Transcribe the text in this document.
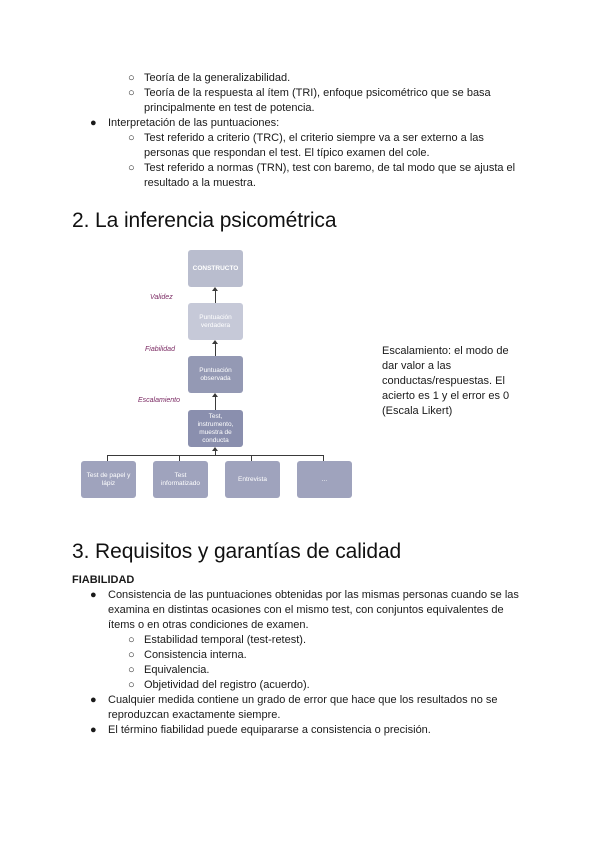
○ Teoría de la generalizabilidad.
○ Teoría de la respuesta al ítem (TRI), enfoque psicométrico que se basa
principalmente en test de potencia.
● Interpretación de las puntuaciones:
○ Test referido a criterio (TRC), el criterio siempre va a ser externo a las
personas que respondan el test. El típico examen del cole.
○ Test referido a normas (TRN), test con baremo, de tal modo que se ajusta el
resultado a la muestra.
2. La inferencia psicométrica
CONSTRUCTO
Puntuación verdadera
Puntuación observada
Test, instrumento, muestra de conducta
Validez
Fiabilidad
Escalamiento
Test de papel y lápiz
Test informatizado
Entrevista	...
Escalamiento: el modo de
dar valor a las
conductas/respuestas. El
acierto es 1 y el error es 0
(Escala Likert)
3. Requisitos y garantías de calidad
FIABILIDAD
● Consistencia de las puntuaciones obtenidas por las mismas personas cuando se las
examina en distintas ocasiones con el mismo test, con conjuntos equivalentes de
ítems o en otras condiciones de examen.
○ Estabilidad temporal (test-retest).
○ Consistencia interna.
○ Equivalencia.
○ Objetividad del registro (acuerdo).
● Cualquier medida contiene un grado de error que hace que los resultados no se
reproduzcan exactamente siempre.
● El término fiabilidad puede equipararse a consistencia o precisión.
